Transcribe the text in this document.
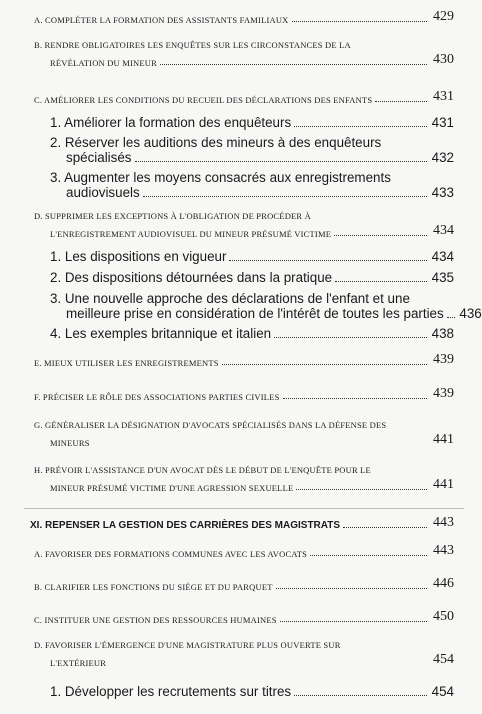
A. COMPLÉTER LA FORMATION DES ASSISTANTS FAMILIAUX	429
B. RENDRE OBLIGATOIRES LES ENQUÊTES SUR LES CIRCONSTANCES DE LA
RÉVÉLATION DU MINEUR	430
C. AMÉLIORER LES CONDITIONS DU RECUEIL DES DÉCLARATIONS DES ENFANTS	431
1. Améliorer la formation des enquêteurs	431
2. Réserver les auditions des mineurs à des enquêteurs
spécialisés	432
3. Augmenter les moyens consacrés aux enregistrements
audiovisuels	433
D. SUPPRIMER LES EXCEPTIONS À L'OBLIGATION DE PROCÉDER À
L'ENREGISTREMENT AUDIOVISUEL DU MINEUR PRÉSUMÉ VICTIME	434
1. Les dispositions en vigueur	434
2. Des dispositions détournées dans la pratique	435
3. Une nouvelle approche des déclarations de l'enfant et une
meilleure prise en considération de l'intérêt de toutes les parties 436
4. Les exemples britannique et italien	438
E. MIEUX UTILISER LES ENREGISTREMENTS	439
F. PRÉCISER LE RÔLE DES ASSOCIATIONS PARTIES CIVILES	439
G. GÉNÉRALISER LA DÉSIGNATION D'AVOCATS SPÉCIALISÉS DANS LA DÉFENSE DES
MINEURS	441
H. PRÉVOIR L'ASSISTANCE D'UN AVOCAT DÈS LE DÉBUT DE L'ENQUÊTE POUR LE
MINEUR PRÉSUMÉ VICTIME D'UNE AGRESSION SEXUELLE	441
XI. REPENSER LA GESTION DES CARRIÈRES DES MAGISTRATS	443
A. FAVORISER DES FORMATIONS COMMUNES AVEC LES AVOCATS	443
B. CLARIFIER LES FONCTIONS DU SIÈGE ET DU PARQUET	446
C. INSTITUER UNE GESTION DES RESSOURCES HUMAINES	450
D. FAVORISER L'ÉMERGENCE D'UNE MAGISTRATURE PLUS OUVERTE SUR
L'EXTÉRIEUR	454
1. Développer les recrutements sur titres	454
